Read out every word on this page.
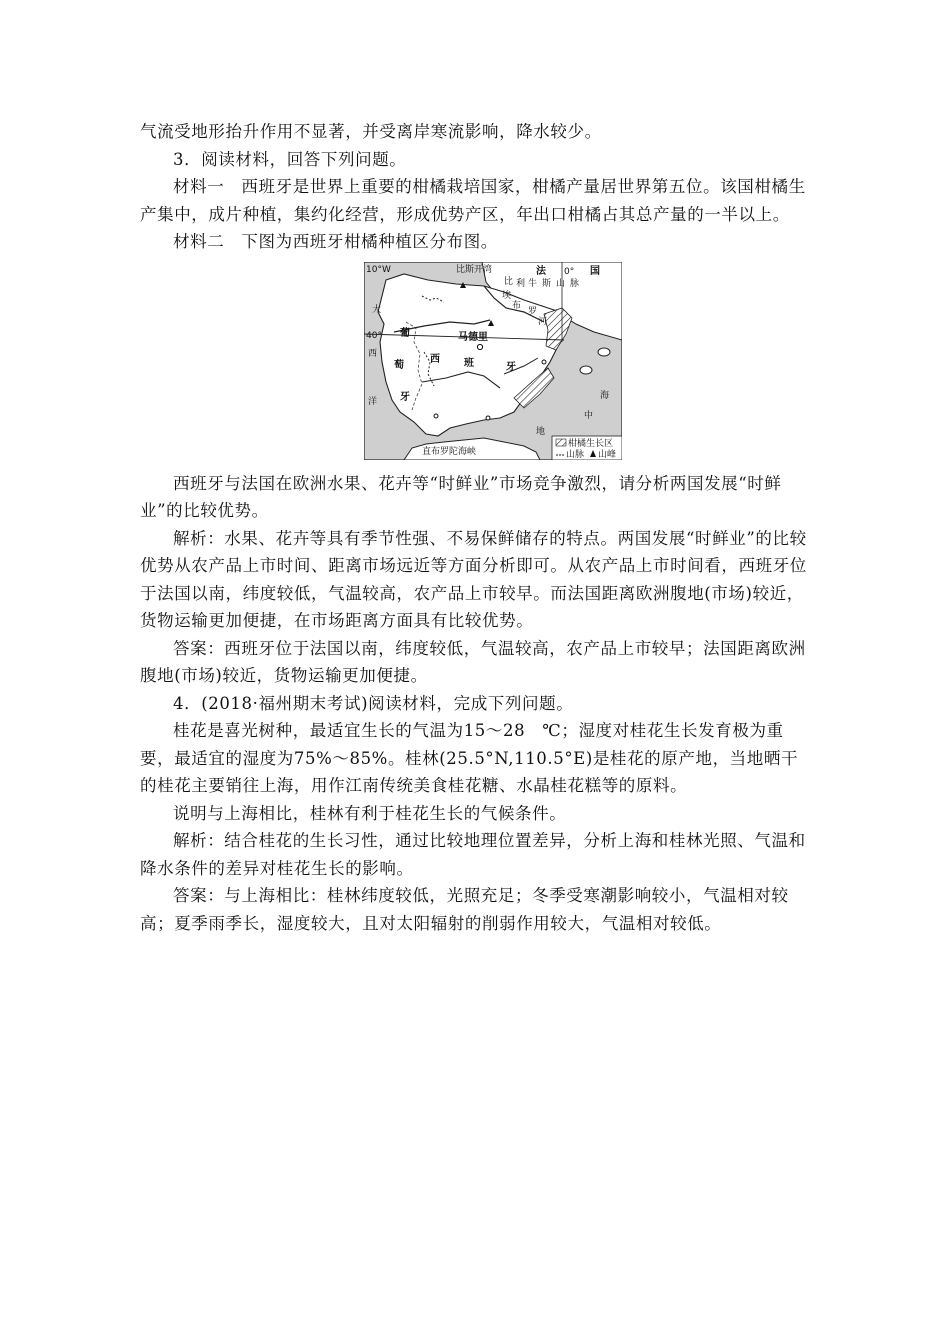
气流受地形抬升作用不显著，并受离岸寒流影响，降水较少。

3．阅读材料，回答下列问题。

材料一　西班牙是世界上重要的柑橘栽培国家，柑橘产量居世界第五位。该国柑橘生产集中，成片种植，集约化经营，形成优势产区，年出口柑橘占其总产量的一半以上。

材料二　下图为西班牙柑橘种植区分布图。

10°W
40°
0°
比斯开湾	法	国
比 利 牛 斯 山 脉
埃
布
罗
河
大
西
洋
葡
萄
牙
马德里
西 班	牙
海
中
地
直布罗陀海峡
柑橘生长区
山脉 山峰

西班牙与法国在欧洲水果、花卉等“时鲜业”市场竞争激烈，请分析两国发展“时鲜业”的比较优势。

解析：水果、花卉等具有季节性强、不易保鲜储存的特点。两国发展“时鲜业”的比较优势从农产品上市时间、距离市场远近等方面分析即可。从农产品上市时间看，西班牙位于法国以南，纬度较低，气温较高，农产品上市较早。而法国距离欧洲腹地(市场)较近，货物运输更加便捷，在市场距离方面具有比较优势。

答案：西班牙位于法国以南，纬度较低，气温较高，农产品上市较早；法国距离欧洲腹地(市场)较近，货物运输更加便捷。

4．(2018·福州期末考试)阅读材料，完成下列问题。

桂花是喜光树种，最适宜生长的气温为15～28　℃；湿度对桂花生长发育极为重要，最适宜的湿度为75%～85%。桂林(25.5°N,110.5°E)是桂花的原产地，当地晒干的桂花主要销往上海，用作江南传统美食桂花糖、水晶桂花糕等的原料。

说明与上海相比，桂林有利于桂花生长的气候条件。

解析：结合桂花的生长习性，通过比较地理位置差异，分析上海和桂林光照、气温和降水条件的差异对桂花生长的影响。

答案：与上海相比：桂林纬度较低，光照充足；冬季受寒潮影响较小，气温相对较高；夏季雨季长，湿度较大，且对太阳辐射的削弱作用较大，气温相对较低。
